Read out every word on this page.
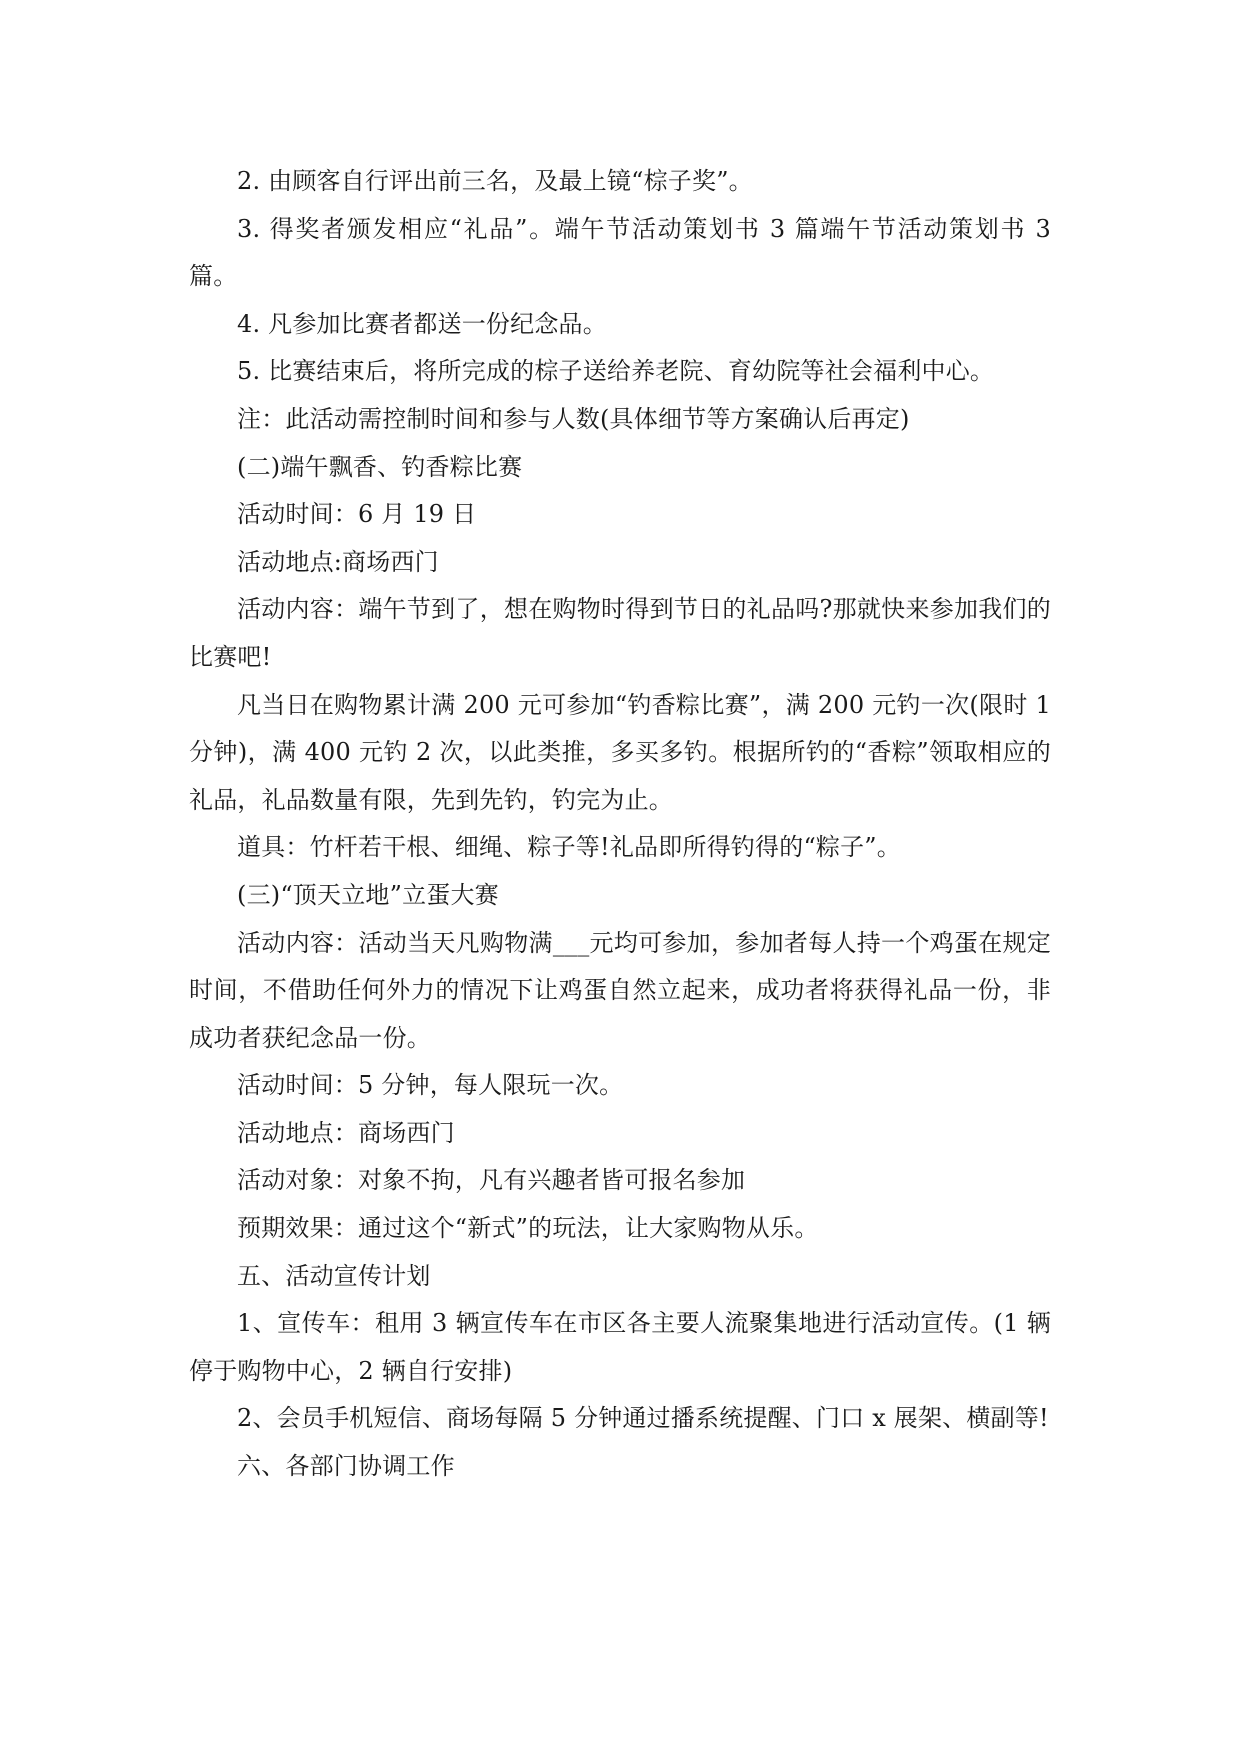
2. 由顾客自行评出前三名，及最上镜“棕子奖”。

3. 得奖者颁发相应“礼品”。端午节活动策划书 3 篇端午节活动策划书 3 篇。

4. 凡参加比赛者都送一份纪念品。

5. 比赛结束后，将所完成的棕子送给养老院、育幼院等社会福利中心。

注：此活动需控制时间和参与人数(具体细节等方案确认后再定)

(二)端午飘香、钓香粽比赛

活动时间：6 月 19 日

活动地点:商场西门

活动内容：端午节到了，想在购物时得到节日的礼品吗?那就快来参加我们的比赛吧!

凡当日在购物累计满 200 元可参加“钓香粽比赛”，满 200 元钓一次(限时 1 分钟)，满 400 元钓 2 次，以此类推，多买多钓。根据所钓的“香粽”领取相应的礼品，礼品数量有限，先到先钓，钓完为止。

道具：竹杆若干根、细绳、粽子等!礼品即所得钓得的“粽子”。

(三)“顶天立地”立蛋大赛

活动内容：活动当天凡购物满___元均可参加，参加者每人持一个鸡蛋在规定时间，不借助任何外力的情况下让鸡蛋自然立起来，成功者将获得礼品一份，非成功者获纪念品一份。

活动时间：5 分钟，每人限玩一次。

活动地点：商场西门

活动对象：对象不拘，凡有兴趣者皆可报名参加

预期效果：通过这个“新式”的玩法，让大家购物从乐。

五、活动宣传计划

1、宣传车：租用 3 辆宣传车在市区各主要人流聚集地进行活动宣传。(1 辆停于购物中心，2 辆自行安排)

2、会员手机短信、商场每隔 5 分钟通过播系统提醒、门口 x 展架、横副等!

六、各部门协调工作
